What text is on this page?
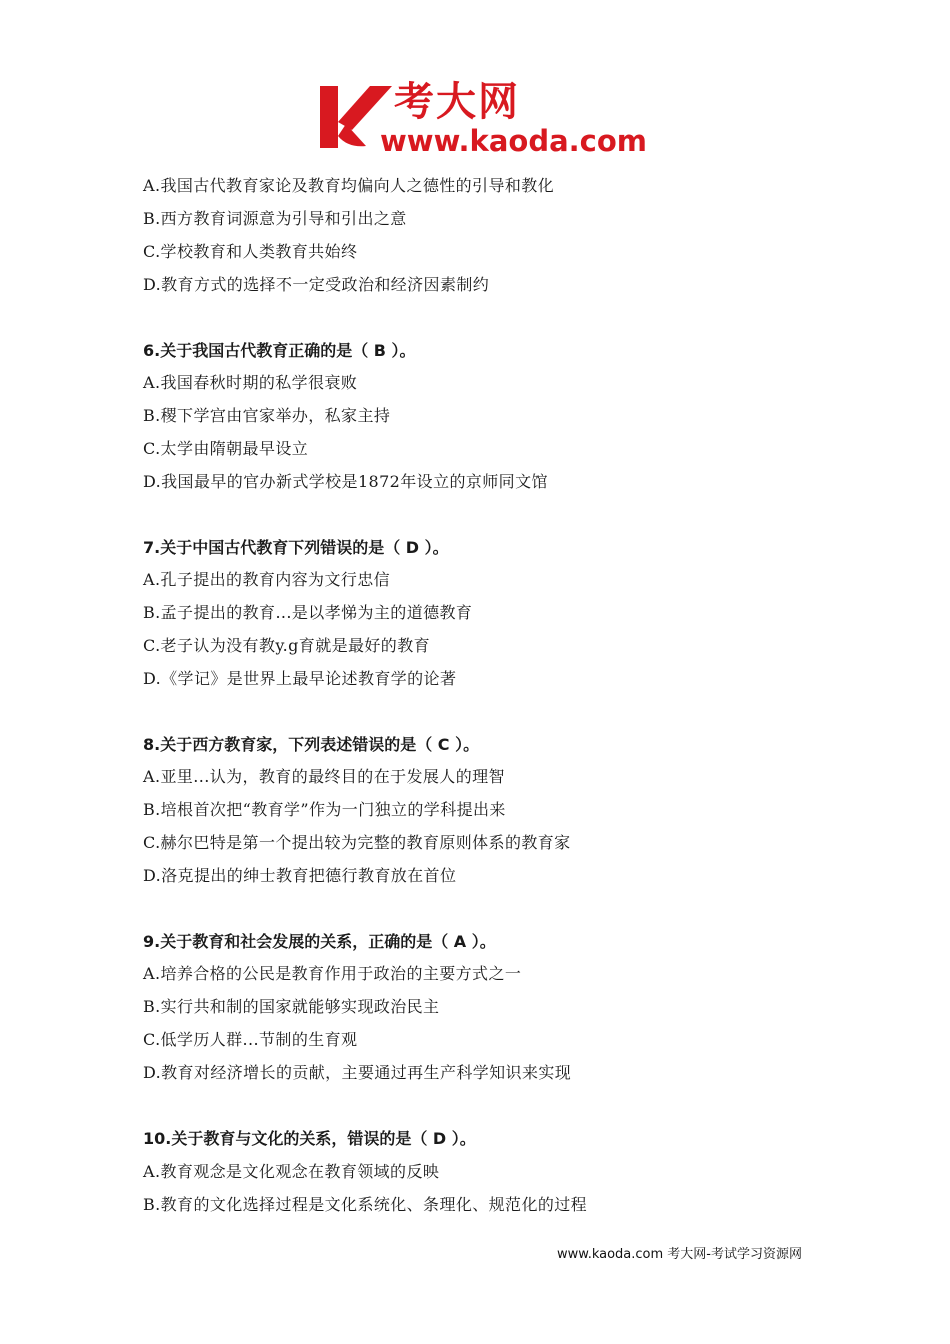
考大网
www.kaoda.com
A.我国古代教育家论及教育均偏向人之德性的引导和教化
B.西方教育词源意为引导和引出之意
C.学校教育和人类教育共始终
D.教育方式的选择不一定受政治和经济因素制约
6.关于我国古代教育正确的是（ B ）。
A.我国春秋时期的私学很衰败
B.稷下学宫由官家举办，私家主持
C.太学由隋朝最早设立
D.我国最早的官办新式学校是1872年设立的京师同文馆
7.关于中国古代教育下列错误的是（ D ）。
A.孔子提出的教育内容为文行忠信
B.孟子提出的教育...是以孝悌为主的道德教育
C.老子认为没有教y.g育就是最好的教育
D.《学记》是世界上最早论述教育学的论著
8.关于西方教育家，下列表述错误的是（ C ）。
A.亚里...认为，教育的最终目的在于发展人的理智
B.培根首次把“教育学”作为一门独立的学科提出来
C.赫尔巴特是第一个提出较为完整的教育原则体系的教育家
D.洛克提出的绅士教育把德行教育放在首位
9.关于教育和社会发展的关系，正确的是（ A ）。
A.培养合格的公民是教育作用于政治的主要方式之一
B.实行共和制的国家就能够实现政治民主
C.低学历人群...节制的生育观
D.教育对经济增长的贡献，主要通过再生产科学知识来实现
10.关于教育与文化的关系，错误的是（ D ）。
A.教育观念是文化观念在教育领域的反映
B.教育的文化选择过程是文化系统化、条理化、规范化的过程
www.kaoda.com 考大网-考试学习资源网
